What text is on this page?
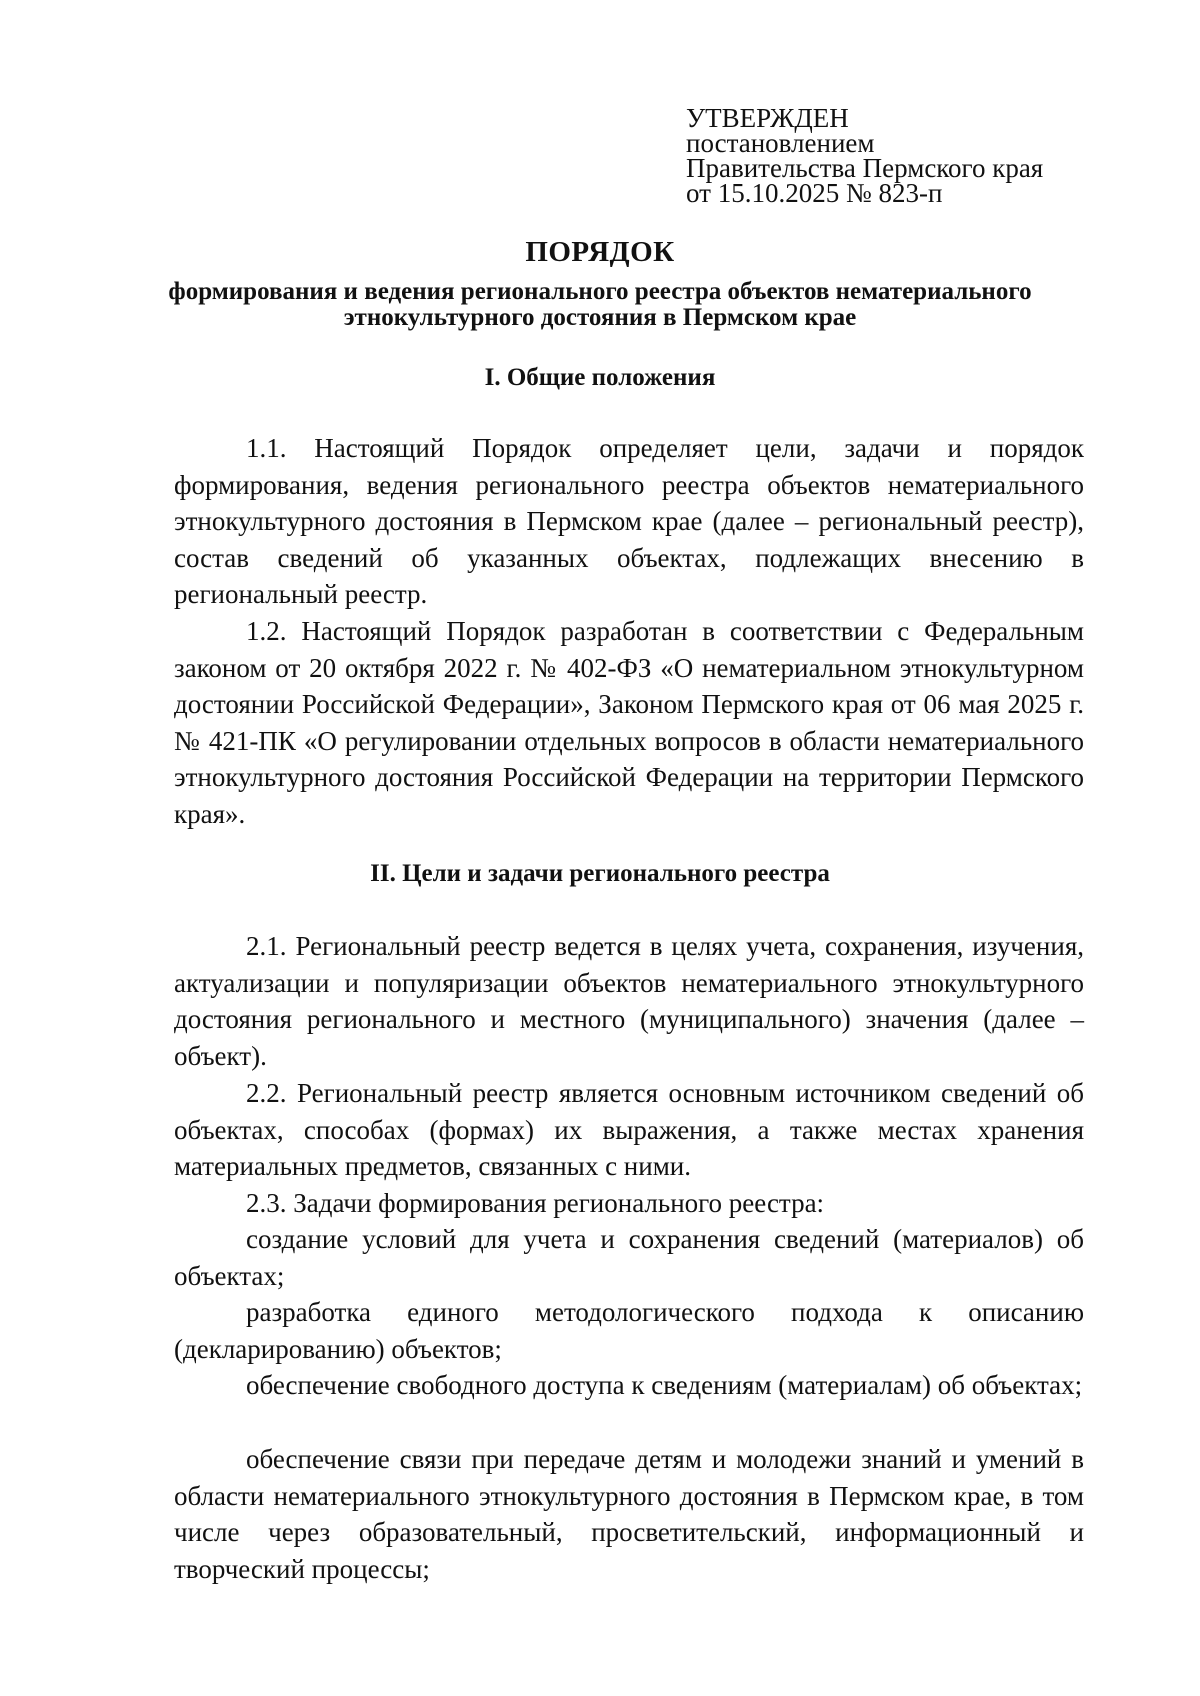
УТВЕРЖДЕН
постановлением
Правительства Пермского края
от 15.10.2025 № 823-п
ПОРЯДОК
формирования и ведения регионального реестра объектов нематериального этнокультурного достояния в Пермском крае
I. Общие положения

1.1. Настоящий Порядок определяет цели, задачи и порядок формирования, ведения регионального реестра объектов нематериального этнокультурного достояния в Пермском крае (далее – региональный реестр), состав сведений об указанных объектах, подлежащих внесению в региональный реестр.

1.2. Настоящий Порядок разработан в соответствии с Федеральным законом от 20 октября 2022 г. № 402-ФЗ «О нематериальном этнокультурном достоянии Российской Федерации», Законом Пермского края от 06 мая 2025 г. № 421-ПК «О регулировании отдельных вопросов в области нематериального этнокультурного достояния Российской Федерации на территории Пермского края».

II. Цели и задачи регионального реестра

2.1. Региональный реестр ведется в целях учета, сохранения, изучения, актуализации и популяризации объектов нематериального этнокультурного достояния регионального и местного (муниципального) значения (далее – объект).

2.2. Региональный реестр является основным источником сведений об объектах, способах (формах) их выражения, а также местах хранения материальных предметов, связанных с ними.

2.3. Задачи формирования регионального реестра:

создание условий для учета и сохранения сведений (материалов) об объектах;

разработка единого методологического подхода к описанию (декларированию) объектов;

обеспечение свободного доступа к сведениям (материалам) об объектах;

обеспечение связи при передаче детям и молодежи знаний и умений в области нематериального этнокультурного достояния в Пермском крае, в том числе через образовательный, просветительский, информационный и творческий процессы;
